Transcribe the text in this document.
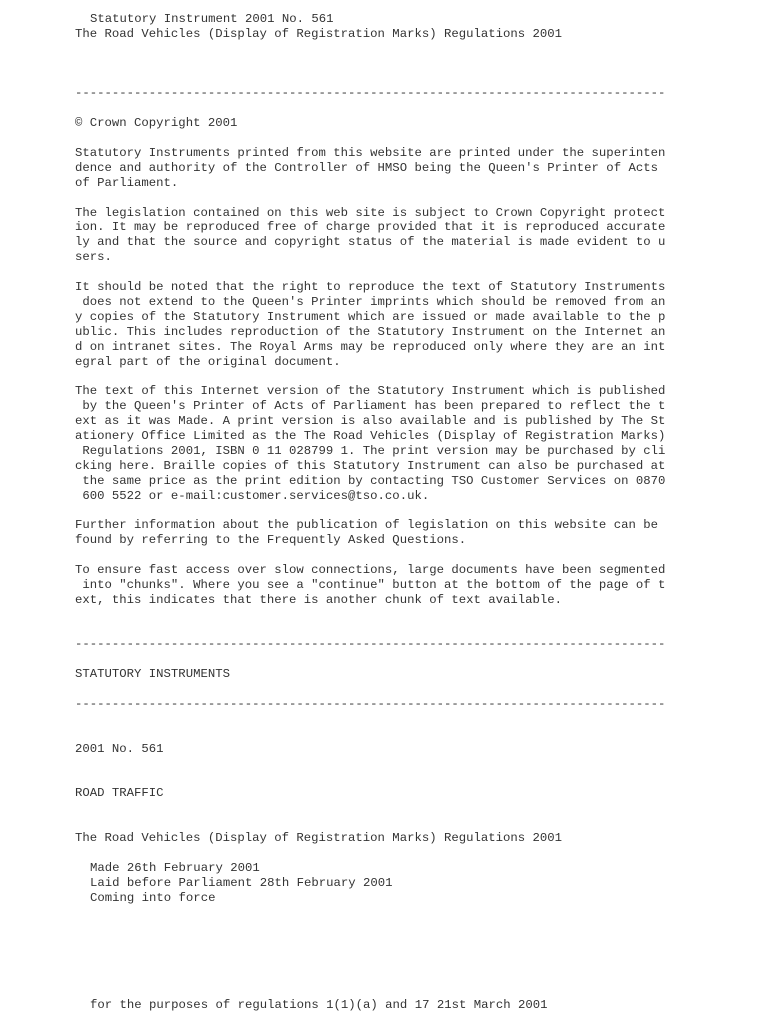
Statutory Instrument 2001 No. 561
The Road Vehicles (Display of Registration Marks) Regulations 2001
--------------------------------------------------------------------------------
© Crown Copyright 2001
Statutory Instruments printed from this website are printed under the superinten
dence and authority of the Controller of HMSO being the Queen's Printer of Acts
of Parliament.
The legislation contained on this web site is subject to Crown Copyright protect
ion. It may be reproduced free of charge provided that it is reproduced accurate
ly and that the source and copyright status of the material is made evident to u
sers.
It should be noted that the right to reproduce the text of Statutory Instruments
does not extend to the Queen's Printer imprints which should be removed from an
y copies of the Statutory Instrument which are issued or made available to the p
ublic. This includes reproduction of the Statutory Instrument on the Internet an
d on intranet sites. The Royal Arms may be reproduced only where they are an int
egral part of the original document.
The text of this Internet version of the Statutory Instrument which is published
by the Queen's Printer of Acts of Parliament has been prepared to reflect the t
ext as it was Made. A print version is also available and is published by The St
ationery Office Limited as the The Road Vehicles (Display of Registration Marks)
Regulations 2001, ISBN 0 11 028799 1. The print version may be purchased by cli
cking here. Braille copies of this Statutory Instrument can also be purchased at
the same price as the print edition by contacting TSO Customer Services on 0870
600 5522 or e-mail:customer.services@tso.co.uk.
Further information about the publication of legislation on this website can be
found by referring to the Frequently Asked Questions.
To ensure fast access over slow connections, large documents have been segmented
into "chunks". Where you see a "continue" button at the bottom of the page of t
ext, this indicates that there is another chunk of text available.
--------------------------------------------------------------------------------
STATUTORY INSTRUMENTS
--------------------------------------------------------------------------------
2001 No. 561
ROAD TRAFFIC
The Road Vehicles (Display of Registration Marks) Regulations 2001
Made 26th February 2001
Laid before Parliament 28th February 2001
Coming into force
for the purposes of regulations 1(1)(a) and 17 21st March 2001
